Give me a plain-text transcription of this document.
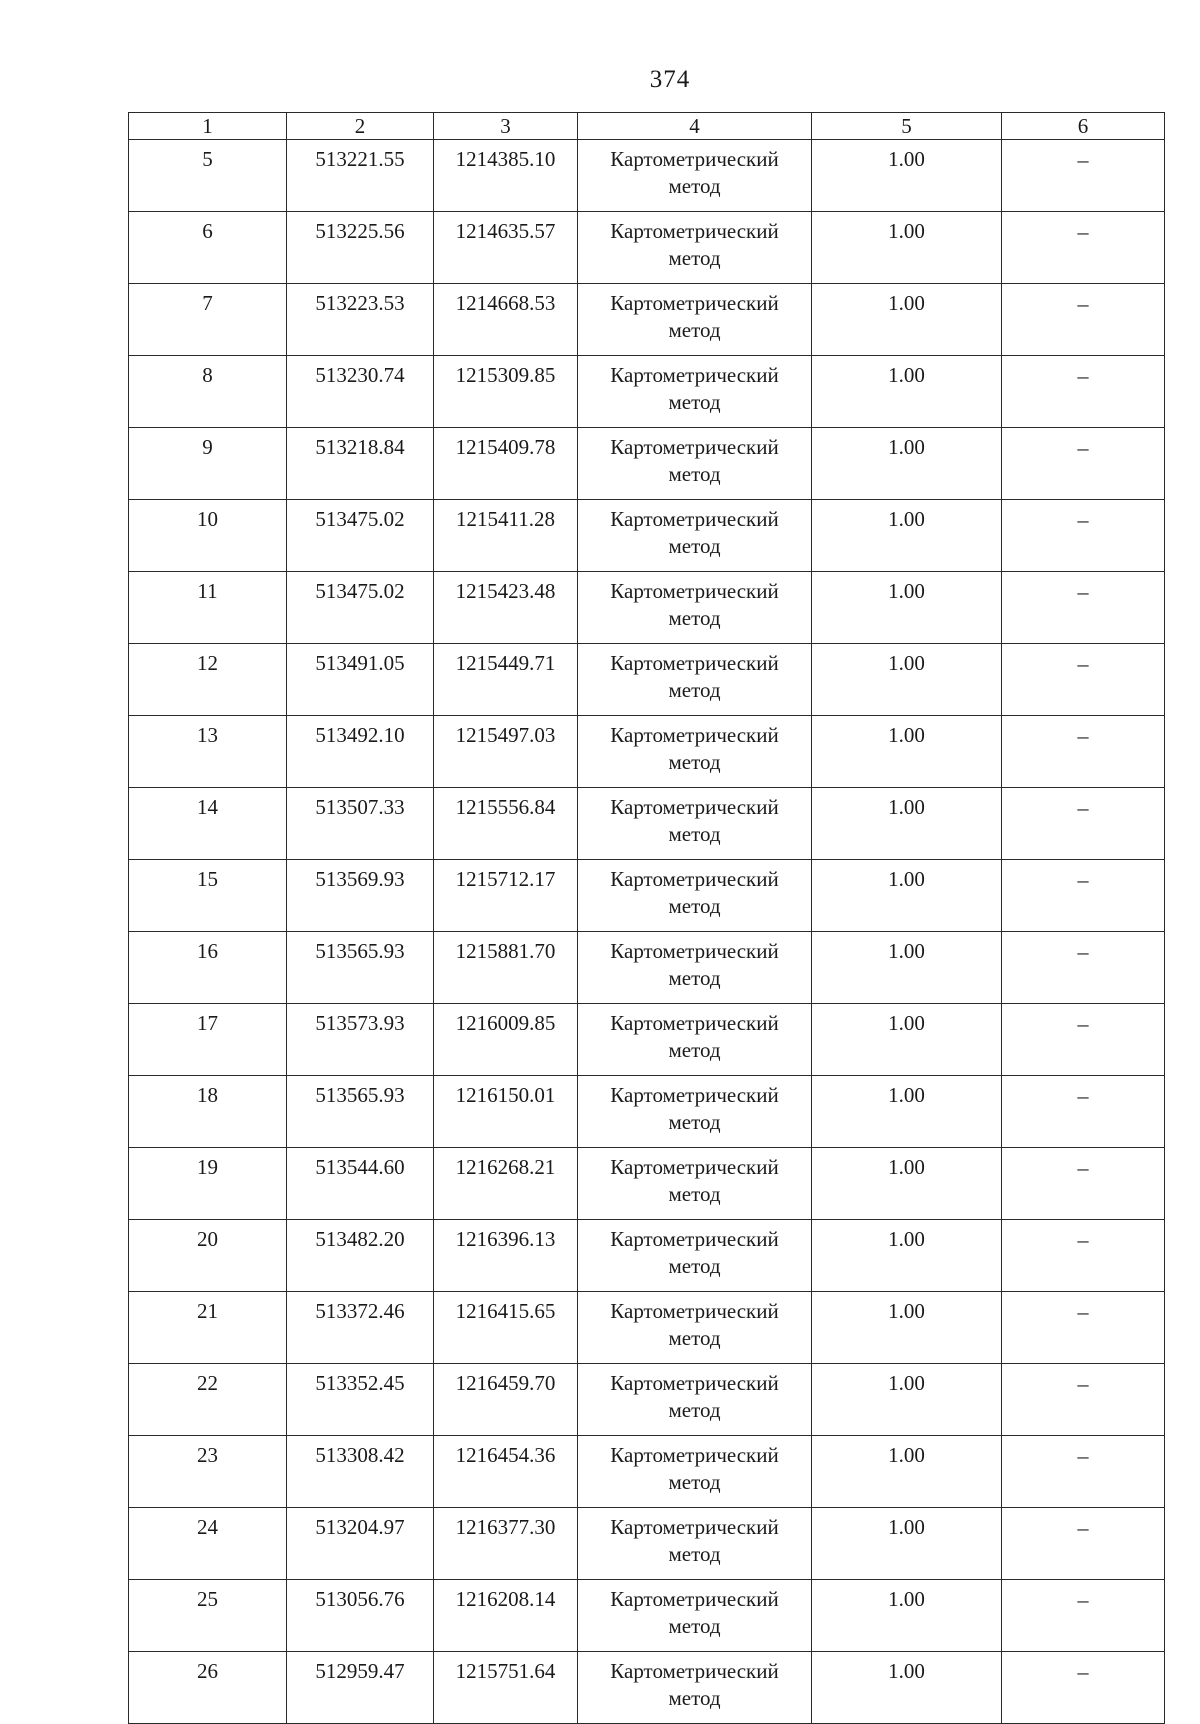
374
1	2	3	4	5	6
5	513221.55	1214385.10	Картометрический метод	1.00	–
6	513225.56	1214635.57	Картометрический метод	1.00	–
7	513223.53	1214668.53	Картометрический метод	1.00	–
8	513230.74	1215309.85	Картометрический метод	1.00	–
9	513218.84	1215409.78	Картометрический метод	1.00	–
10	513475.02	1215411.28	Картометрический метод	1.00	–
11	513475.02	1215423.48	Картометрический метод	1.00	–
12	513491.05	1215449.71	Картометрический метод	1.00	–
13	513492.10	1215497.03	Картометрический метод	1.00	–
14	513507.33	1215556.84	Картометрический метод	1.00	–
15	513569.93	1215712.17	Картометрический метод	1.00	–
16	513565.93	1215881.70	Картометрический метод	1.00	–
17	513573.93	1216009.85	Картометрический метод	1.00	–
18	513565.93	1216150.01	Картометрический метод	1.00	–
19	513544.60	1216268.21	Картометрический метод	1.00	–
20	513482.20	1216396.13	Картометрический метод	1.00	–
21	513372.46	1216415.65	Картометрический метод	1.00	–
22	513352.45	1216459.70	Картометрический метод	1.00	–
23	513308.42	1216454.36	Картометрический метод	1.00	–
24	513204.97	1216377.30	Картометрический метод	1.00	–
25	513056.76	1216208.14	Картометрический метод	1.00	–
26	512959.47	1215751.64	Картометрический метод	1.00	–
